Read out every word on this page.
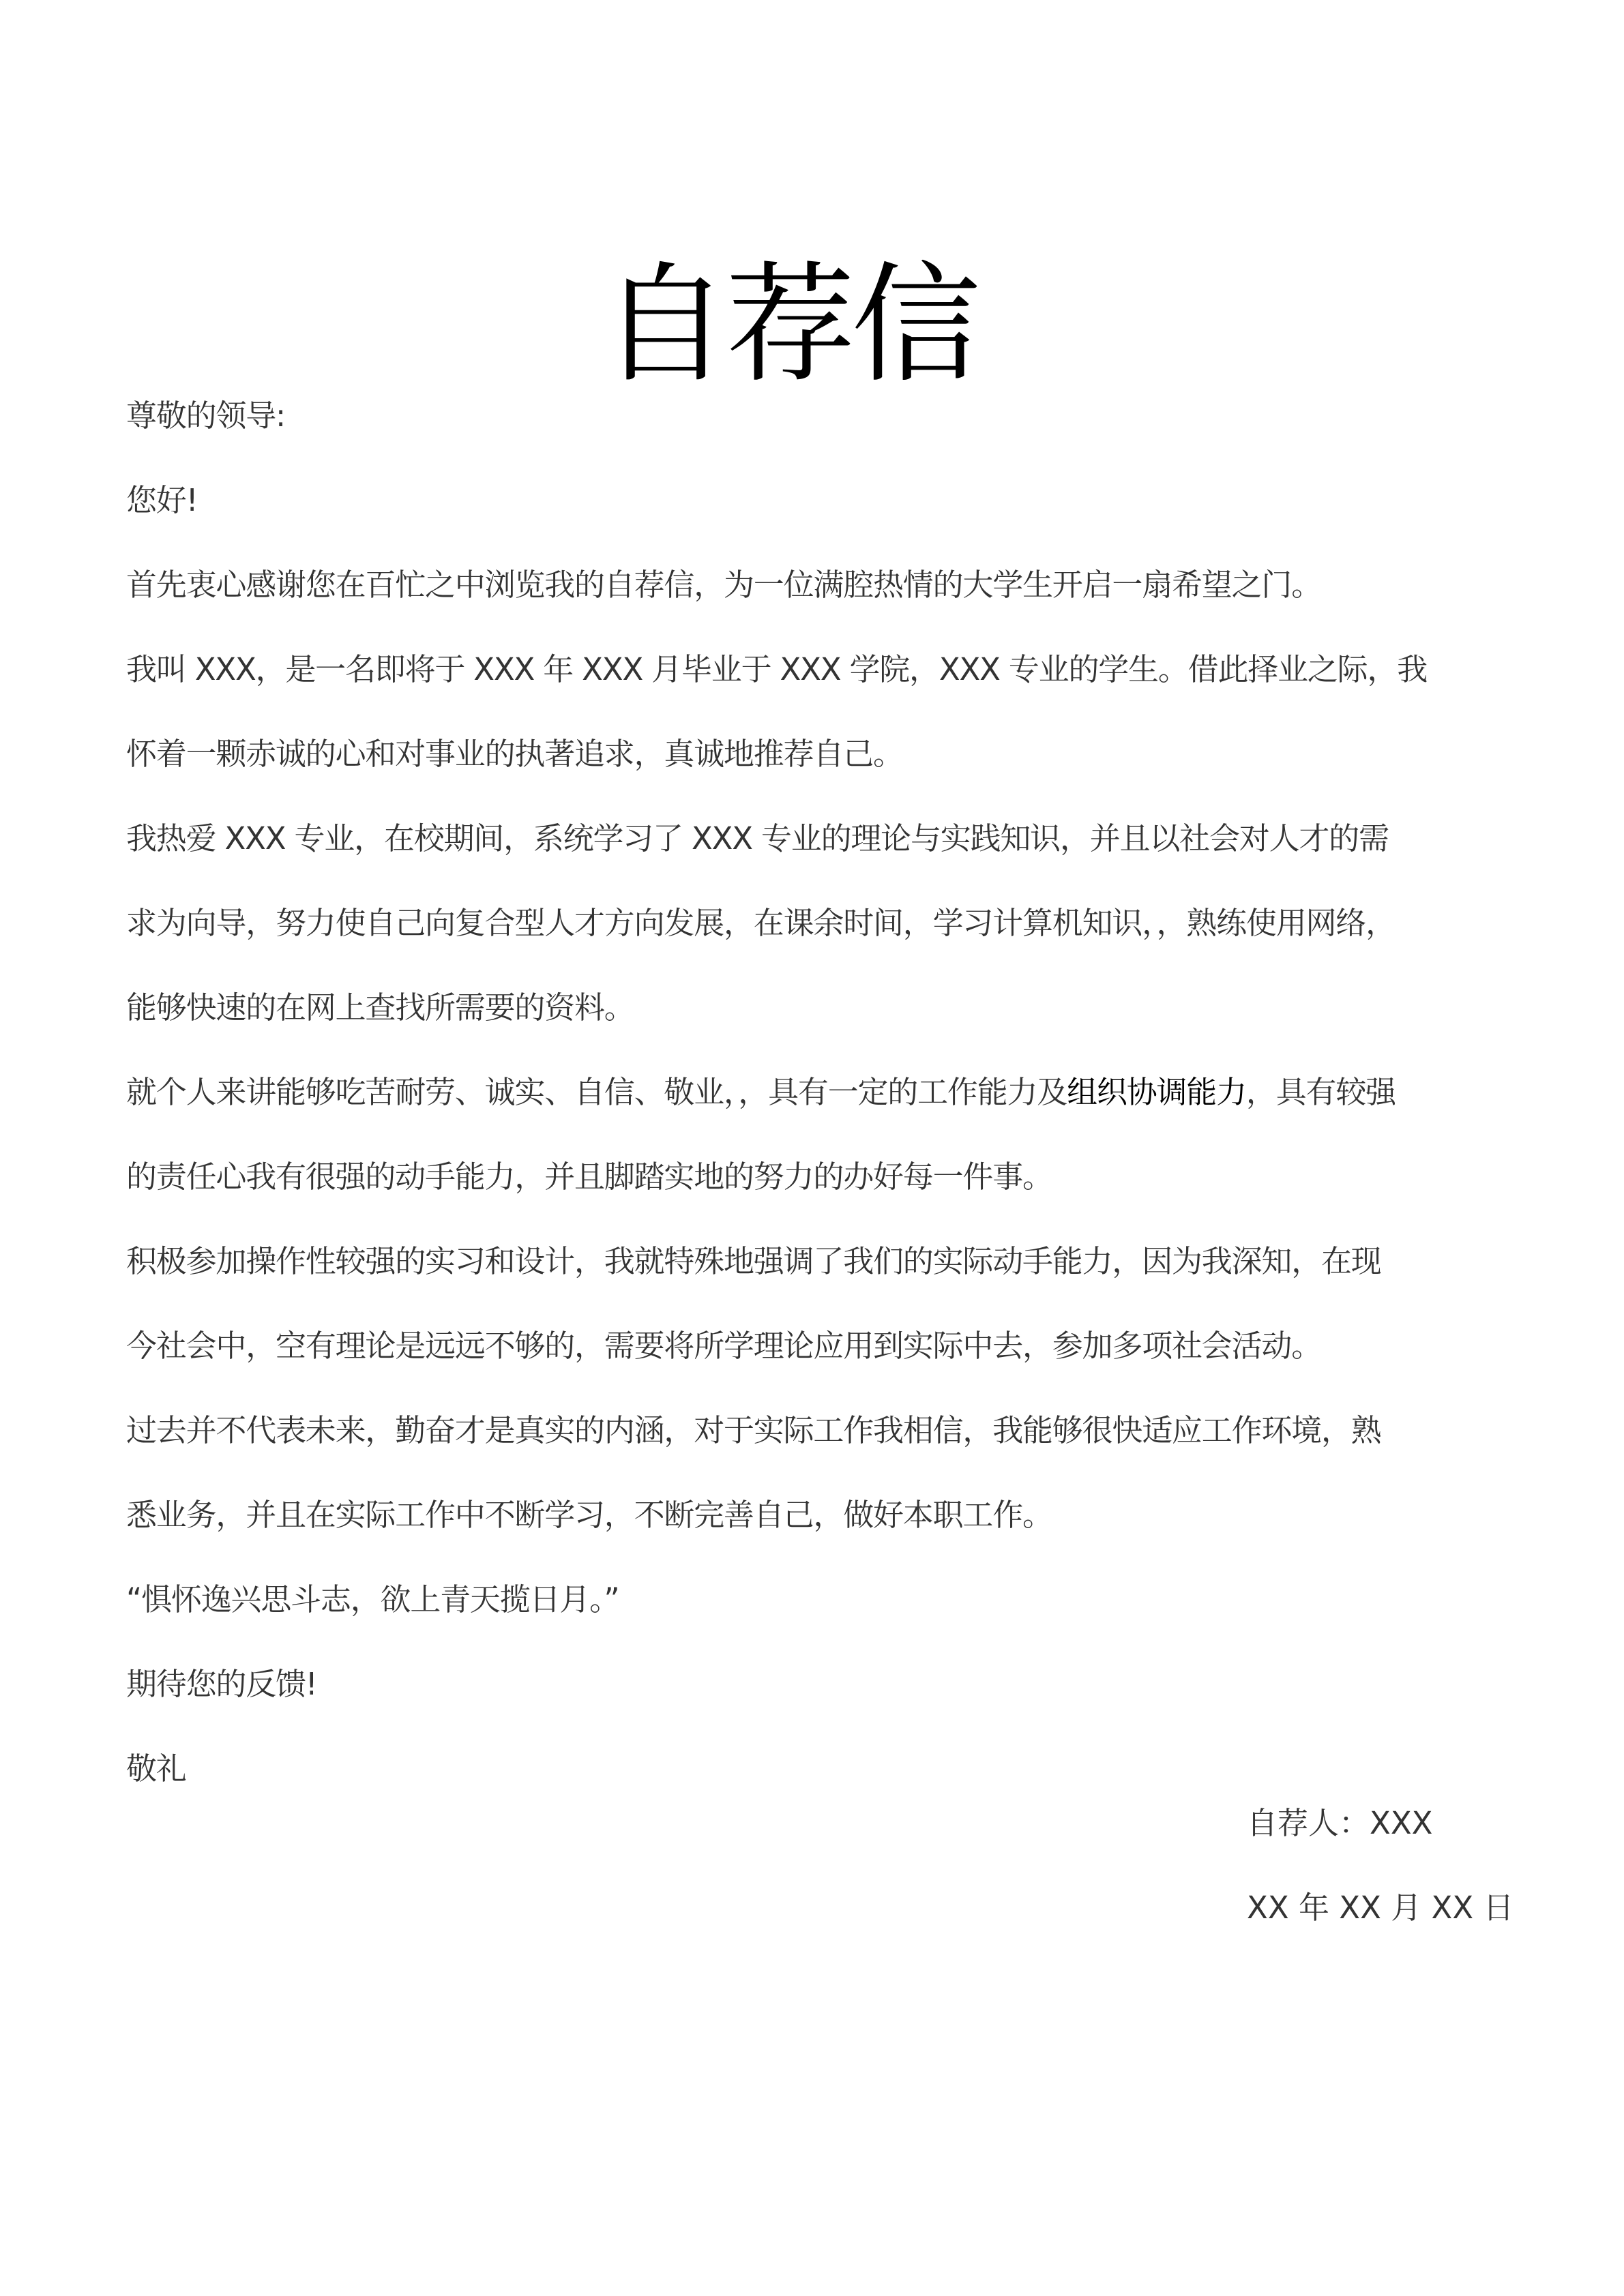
自荐信
尊敬的领导:
您好!
首先衷心感谢您在百忙之中浏览我的自荐信，为一位满腔热情的大学生开启一扇希望之门。
我叫 XXX，是一名即将于 XXX 年 XXX 月毕业于 XXX 学院，XXX 专业的学生。借此择业之际，我
怀着一颗赤诚的心和对事业的执著追求，真诚地推荐自己。
我热爱 XXX 专业，在校期间，系统学习了 XXX 专业的理论与实践知识，并且以社会对人才的需
求为向导，努力使自己向复合型人才方向发展，在课余时间，学习计算机知识，，熟练使用网络，
能够快速的在网上查找所需要的资料。
就个人来讲能够吃苦耐劳、诚实、自信、敬业，，具有一定的工作能力及组织协调能力，具有较强
的责任心我有很强的动手能力，并且脚踏实地的努力的办好每一件事。
积极参加操作性较强的实习和设计，我就特殊地强调了我们的实际动手能力，因为我深知，在现
今社会中，空有理论是远远不够的，需要将所学理论应用到实际中去，参加多项社会活动。
过去并不代表未来，勤奋才是真实的内涵，对于实际工作我相信，我能够很快适应工作环境，熟
悉业务，并且在实际工作中不断学习，不断完善自己，做好本职工作。
“惧怀逸兴思斗志，欲上青天揽日月。”
期待您的反馈!
敬礼
自荐人：XXX
XX 年 XX 月 XX 日
